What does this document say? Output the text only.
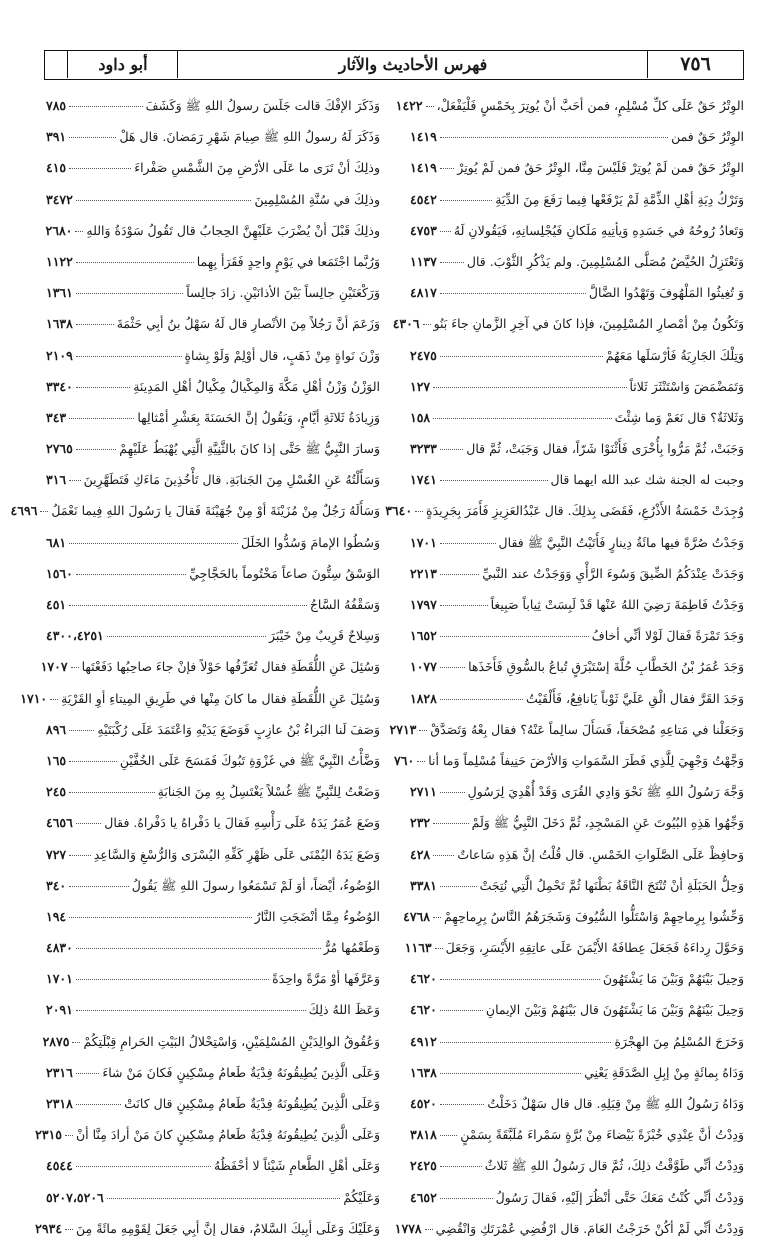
٧٥٦
فهرس الأحاديث والآثار
أبو داود
الوِتْرُ حَقٌ عَلَى كلِّ مُسْلِمٍ، فمن أحَبَّ أنْ يُوتِرَ بِخَمْسٍ فَلْيَفْعَلْ،
١٤٢٢
الوِتْرُ حَقٌ فمن
١٤١٩
الوِتْرُ حَقٌ فمن لَمْ يُوتِرْ فَلَيْسَ مِنَّا، الوِتْرُ حَقٌ فمن لَمْ يُوتِرْ
١٤١٩
وَتَرْكُ دِيَةِ أهْلِ الذِّمَّةِ لَمْ يَرْفَعْها فِيما رَفَعَ مِنَ الدِّيَةِ
٤٥٤٢
وَتَعادُ رُوحُهُ في جَسَدِهِ وَيأتِيهِ مَلَكانِ فَيُجْلِسانِهِ، فَيَقُولانِ لَهُ
٤٧٥٣
وَتَعْتَزِلُ الحُيَّضُ مُصَلَّى المُسْلِمِينَ. ولم يَذْكُرِ الثَّوْبَ. قال
١١٣٧
وَ تُغِيثُوا المَلْهُوفَ وَتَهْدُوا الضَّالَّ
٤٨١٧
وَتَكُونُ مِنْ أمْصارِ المُسْلِمِينَ، فإذا كانَ في آخِرِ الزَّمانِ جاءَ بَنُو
٤٣٠٦
وَتِلْكَ الجَارِيَةُ فَأرْسَلَها مَعَهُمْ
٢٤٧٥
وَتَمَضْمَضَ وَاسْتَنْثَرَ ثَلاثاً
١٢٧
وَثَلاثَةٌ؟ قال نَعَمْ وَما شِئْتَ
١٥٨
وَجَبَتْ، ثُمَّ مَرُّوا بِأُخْرَى فَأَثْنَوْا شَرّاً، فقال وَجَبَتْ، ثُمَّ قال
٣٢٣٣
وجبت له الجنة شك عبد الله ايهما قال
١٧٤١
وُجِدَتْ خَمْسَةُ الأَذْرُعِ، فَقَضَى بِذلِكَ. قال عَبْدُالعَزِيزِ فَأَمَرَ بِجَرِيدَةٍ
٣٦٤٠
وَجَدْتُ صُرَّةً فيها مائَةُ دِينارٍ فَأَتَيْتُ النَّبِيَّ ﷺ فقال
١٧٠١
وَجَدَتْ عِنْدَكُمُ الضِّيقَ وَسُوءَ الرَّأْيِ وَوَجَدْتُ عند النَّبيِّ
٢٢١٣
وَجَدْتُ فَاطِمَةَ رَضِيَ اللهُ عَنْها قَدْ لَبِسَتْ ثِياباً صَبِيغاً
١٧٩٧
وَجَدَ تَمْرَةً فَقالَ لَوْلا أنِّي أخافُ
١٦٥٢
وَجَدَ عُمَرُ بْنُ الخَطَّابِ حُلَّةَ إسْتَبْرَقٍ تُباعُ بالسُّوقِ فَأَخَذَها
١٠٧٧
وَجَدَ القَرَّ فقال الْقِ عَلَيَّ ثَوْباً يَانافِعُ، فَأَلْقَيْتُ
١٨٢٨
وَجَعَلْنا في مَتاعِهِ مُصْحَفاً، فَسَأَلَ سالِماً عَنْهُ؟ فقال بِعْهُ وَتَصَدَّقْ
٢٧١٣
وَجَّهْتُ وَجْهِيَ لِلَّذِي فَطَرَ السَّمَواتِ وَالأرْضَ حَنِيفاً مُسْلِماً وَما أنا
٧٦٠
وَجَّهَ رَسُولُ اللهِ ﷺ نَحْوَ وَادِي القُرَى وَقَدْ أُهْدِيَ لِرَسُولِ
٢٧١١
وَجِّهُوا هَذِهِ البُيُوتَ عَنِ المَسْجِدِ، ثُمَّ دَخَلَ النَّبِيُّ ﷺ وَلَمْ
٢٣٢
وَحافِظْ عَلَى الصَّلَواتِ الخَمْسِ. قال قُلْتُ إنَّ هَذِهِ سَاعاتٌ
٤٢٨
وَحِلُّ الحَبَلَةِ أنْ تُنْتَجَ النَّاقَةُ بَطْنَها ثُمَّ تَحْمِلُ الَّتِي نُتِجَتْ
٣٣٨١
وَحِّشُوا بِرِماحِهِمْ وَاسْتَلُّوا السُّيُوفَ وَشَجَرَهُمُ النَّاسُ بِرِماحِهِمْ
٤٧٦٨
وَحَوَّلَ رِداءَهُ فَجَعَلَ عِطافَهُ الأَيْمَنَ عَلَى عاتِقِهِ الأَيْسَرِ، وَجَعَلَ
١١٦٣
وَحِيلَ بَيْنَهُمْ وَبَيْنَ مَا يَشْتَهُونَ
٤٦٢٠
وَحِيلَ بَيْنَهُمْ وَبَيْنَ مَا يَشْتَهُونَ قال بَيْنَهُمْ وَبَيْنَ الإيمانِ
٤٦٢٠
وَخَرَجَ المُسْلِمُ مِنَ الهِجْرَةِ
٤٩١٢
وَدَاهُ بِمائَةٍ مِنْ إبِلِ الصَّدَقَةِ يَعْنِي
١٦٣٨
وَدَاهُ رَسُولُ اللهِ ﷺ مِنْ قِبَلِهِ. قال قال سَهْلٌ دَخَلْتُ
٤٥٢٠
وَدِدْتُ أنَّ عِنْدِي خُبْزَةً بَيْضاءَ مِنْ بُرَّةٍ سَمْراءَ مُلَبَّقَةً بِسَمْنٍ
٣٨١٨
وَدِدْتُ أنِّي طَوَّقْتُ ذلِكَ، ثُمَّ قال رَسُولُ اللهِ ﷺ ثَلاثٌ
٢٤٢٥
وَدِدْتُ أنِّي كُنْتُ مَعَكَ حَتَّى أنْظُرَ إلَيْهِ، فَقالَ رَسُولُ
٤٦٥٢
وَدِدْتُ أنِّي لَمْ أكُنْ خَرَجْتُ العَامَ. قال ارْفُضِي عُمْرَتَكِ وَانْقُضِي
١٧٧٨
وَذَكَرَ الإفْكَ قالت جَلَسَ رسولُ اللهِ ﷺ وَكَشَفَ
٧٨٥
وَذَكَرَ لَهُ رسولُ اللهِ ﷺ صِيامَ شَهْرِ رَمَضانَ. قال هَلْ
٣٩١
وذلِكَ أنْ تَرَى ما عَلَى الأرْضِ مِنَ الشَّمْسِ صَفْراءَ
٤١٥
وذلِكَ في سُنَّةِ المُسْلِمِينَ
٣٤٧٢
وذلِكَ قَبْلَ أنْ يُضْرَبَ عَلَيْهِنَّ الحِجابُ قال تَقُولُ سَوْدَةُ وَاللهِ
٢٦٨٠
وَرُبَّما اجْتَمَعا في يَوْمٍ واحِدٍ فَقَرَأ بِهِما
١١٢٢
وَرَكْعَتَيْنِ جالِساً بَيْنَ الأذانَيْنِ. زادَ جالِساً
١٣٦١
وَزَعَمَ أنَّ رَجُلاً مِنَ الأنْصارِ قال لَهُ سَهْلُ بنُ أبِي حَثْمَةَ
١٦٣٨
وَزْنَ نَواةٍ مِنْ ذَهَبٍ، قال أوْلِمْ وَلَوْ بِشاةٍ
٢١٠٩
الوَزْنُ وَزْنُ أهْلِ مَكَّةَ وَالمِكْيالُ مِكْيالُ أهْلِ المَدِينَةِ
٣٣٤٠
وَزِيادَةُ ثَلاثَةِ أيَّامٍ، وَيَقُولُ إنَّ الحَسَنَةَ بِعَشْرِ أمْثالِها
٣٤٣
وَسارَ النَّبِيُّ ﷺ حَتَّى إذا كانَ بالثَّنِيَّةِ الَّتِي يُهْبَطُ عَلَيْهِمْ
٢٧٦٥
وَسَأَلْتُهُ عَنِ الغُسْلِ مِنَ الجَنابَةِ. قال تَأْخُذِينَ مَاءَكِ فَتَطَهَّرِينَ
٣١٦
وَسَأَلَهُ رَجُلٌ مِنْ مُزَيْنَةَ أوْ مِنْ جُهَيْنَةَ فَقالَ يا رَسُولَ اللهِ فِيما نَعْمَلُ
٤٦٩٦
وَسُطُوا الإمامَ وَسُدُّوا الخَلَلَ
٦٨١
الوَسْقُ سِتُّونَ صاعاً مَخْتُوماً بالحَجَّاجِيِّ
١٥٦٠
وَسَقْفُهُ السَّاجُ
٤٥١
وَسِلاحٌ قَرِيبٌ مِنْ خَيْبَرَ
٤٣٠٠،٤٢٥١
وَسُئِلَ عَنِ اللُّقَطَةِ فقال تُعَرِّفُها حَوْلاً فإنْ جاءَ صاحِبُها دَفَعْتَها
١٧٠٧
وَسُئِلَ عَنِ اللُّقَطَةِ فقال ما كانَ مِنْها في طَرِيقِ المِيتاءِ أوِ القَرْيَةِ
١٧١٠
وَصَفَ لَنا البَراءُ بْنُ عازِبٍ فَوَضَعَ يَدَيْهِ وَاعْتَمَدَ عَلَى رُكْبَتَيْهِ
٨٩٦
وَضَّأْتُ النَّبِيَّ ﷺ في غَزْوَةِ تَبُوكَ فَمَسَحَ عَلَى الخُفَّيْنِ
١٦٥
وَضَعْتُ لِلنَّبِيِّ ﷺ غُسْلاً يَغْتَسِلُ بِهِ مِنَ الجَنابَةِ
٢٤٥
وَضَعَ عُمَرُ يَدَهُ عَلَى رَأْسِهِ فَقالَ يا دَفْراهُ يا دَفْراهُ. فقال
٤٦٥٦
وَضَعَ يَدَهُ اليُمْنَى عَلَى ظَهْرِ كَفِّهِ اليُسْرَى وَالرُّسْغِ وَالسَّاعِدِ
٧٢٧
الوُضُوءُ، أيْضاً، أوَ لَمْ تَسْمَعُوا رسولَ اللهِ ﷺ يَقُولُ
٣٤٠
الوُضُوءُ مِمَّا أنْضَجَتِ النَّارُ
١٩٤
وَطَعْمُها مُرٌّ
٤٨٣٠
وَعَرَّفَها أوْ مَرَّةً واحِدَةً
١٧٠١
وَعَظَ اللهُ ذلِكَ
٢٠٩١
وَعُقُوقُ الوالِدَيْنِ المُسْلِمَيْنِ، وَاسْتِحْلالُ البَيْتِ الحَرامِ قِبْلَتِكُمْ
٢٨٧٥
وَعَلَى الَّذِينَ يُطِيقُونَهُ فِدْيَةٌ طَعامُ مِسْكِينٍ فَكانَ مَنْ شاءَ
٢٣١٦
وَعَلَى الَّذِينَ يُطِيقُونَهُ فِدْيَةٌ طَعامُ مِسْكِينٍ قال كانَتْ
٢٣١٨
وَعَلَى الَّذِينَ يُطِيقُونَهُ فِدْيَةٌ طَعامُ مِسْكِينٍ كانَ مَنْ أرادَ مِنَّا أنْ
٢٣١٥
وَعَلَى أهْلِ الطَّعامِ شَيْئاً لا أحْفَظُهُ
٤٥٤٤
وَعَلَيْكُمْ
٥٢٠٧،٥٢٠٦
وَعَلَيْكَ وَعَلَى أبِيكَ السَّلامُ، فقال إنَّ أبِي جَعَلَ لِقَوْمِهِ مائَةً مِنَ
٢٩٣٤
